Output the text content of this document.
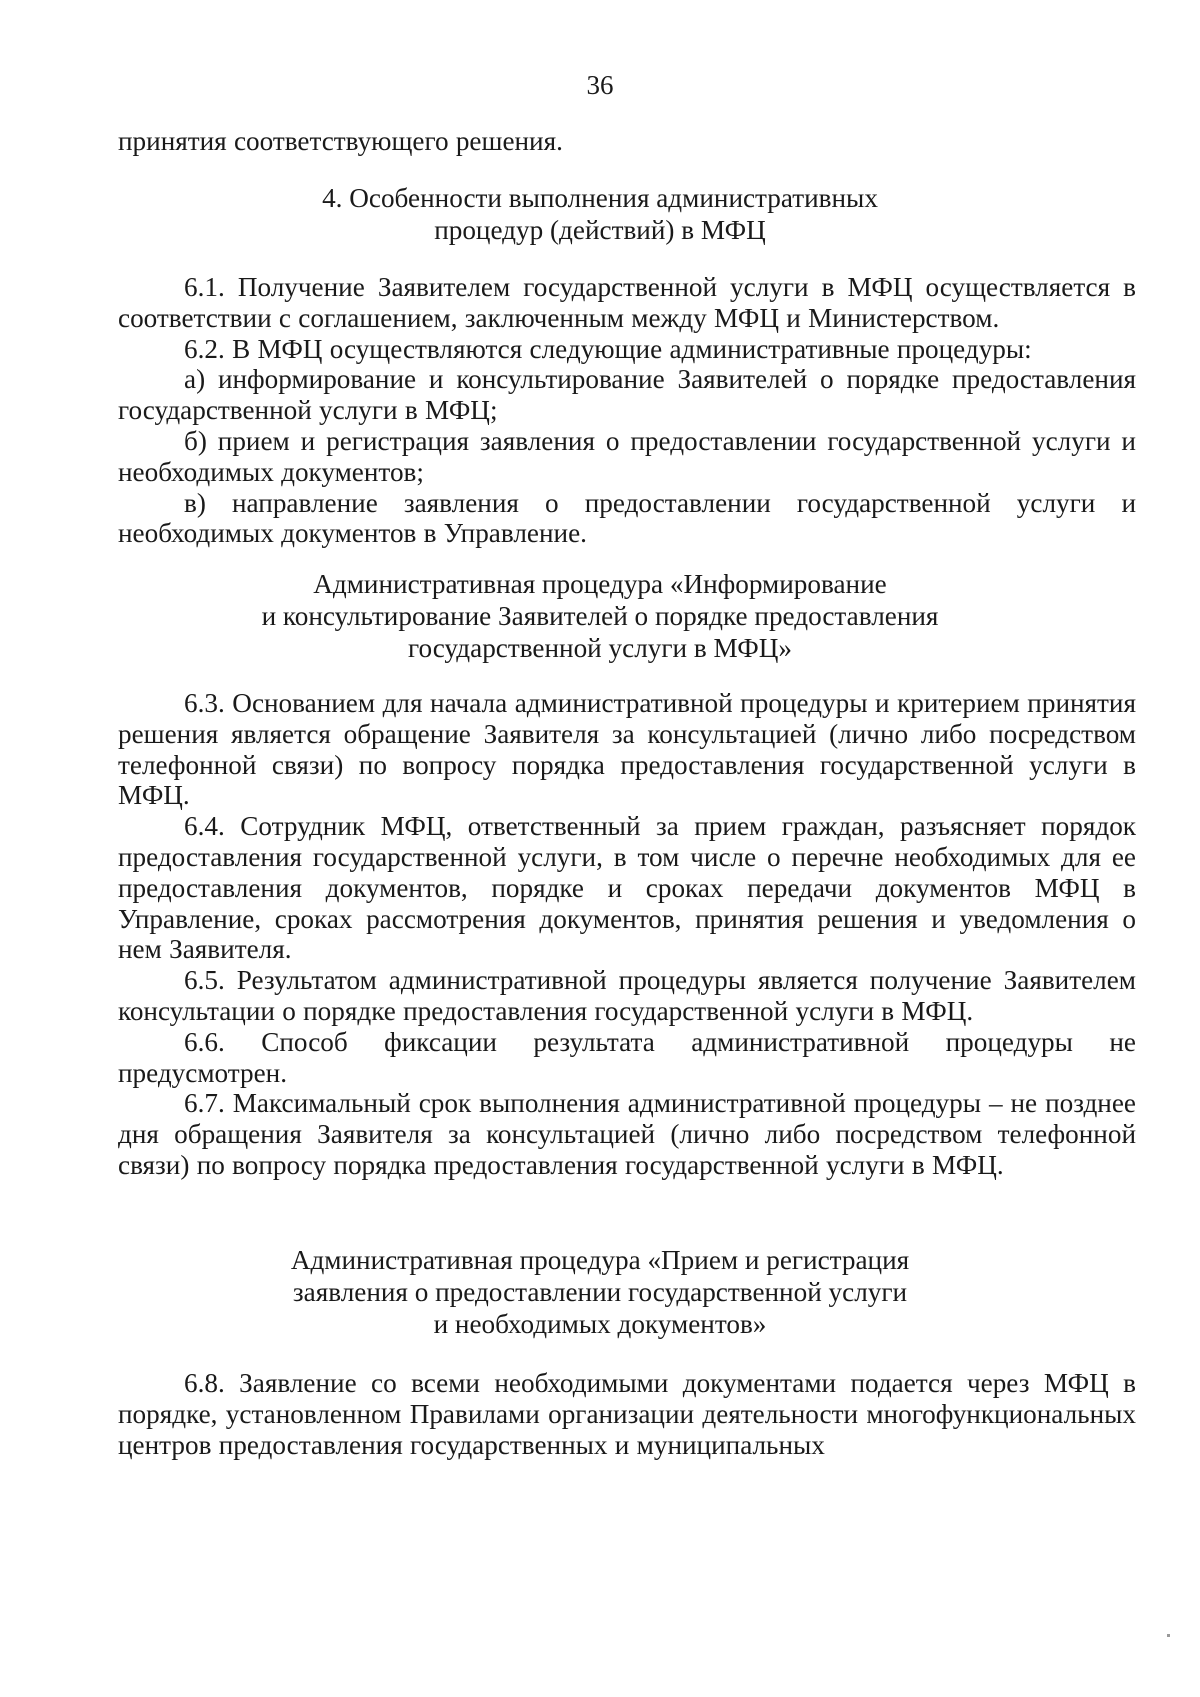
36

принятия соответствующего решения.

4. Особенности выполнения административных
процедур (действий) в МФЦ

6.1. Получение Заявителем государственной услуги в МФЦ осуществляется в соответствии с соглашением, заключенным между МФЦ и Министерством.

6.2. В МФЦ осуществляются следующие административные процедуры:

а) информирование и консультирование Заявителей о порядке предоставления государственной услуги в МФЦ;

б) прием и регистрация заявления о предоставлении государственной услуги и необходимых документов;

в) направление заявления о предоставлении государственной услуги и необходимых документов в Управление.

Административная процедура «Информирование
и консультирование Заявителей о порядке предоставления
государственной услуги в МФЦ»

6.3. Основанием для начала административной процедуры и критерием принятия решения является обращение Заявителя за консультацией (лично либо посредством телефонной связи) по вопросу порядка предоставления государственной услуги в МФЦ.

6.4. Сотрудник МФЦ, ответственный за прием граждан, разъясняет порядок предоставления государственной услуги, в том числе о перечне необходимых для ее предоставления документов, порядке и сроках передачи документов МФЦ в Управление, сроках рассмотрения документов, принятия решения и уведомления о нем Заявителя.

6.5. Результатом административной процедуры является получение Заявителем консультации о порядке предоставления государственной услуги в МФЦ.

6.6. Способ фиксации результата административной процедуры не предусмотрен.

6.7. Максимальный срок выполнения административной процедуры – не позднее дня обращения Заявителя за консультацией (лично либо посредством телефонной связи) по вопросу порядка предоставления государственной услуги в МФЦ.

Административная процедура «Прием и регистрация
заявления о предоставлении государственной услуги
и необходимых документов»

6.8. Заявление со всеми необходимыми документами подается через МФЦ в порядке, установленном Правилами организации деятельности многофункциональных центров предоставления государственных и муниципальных
